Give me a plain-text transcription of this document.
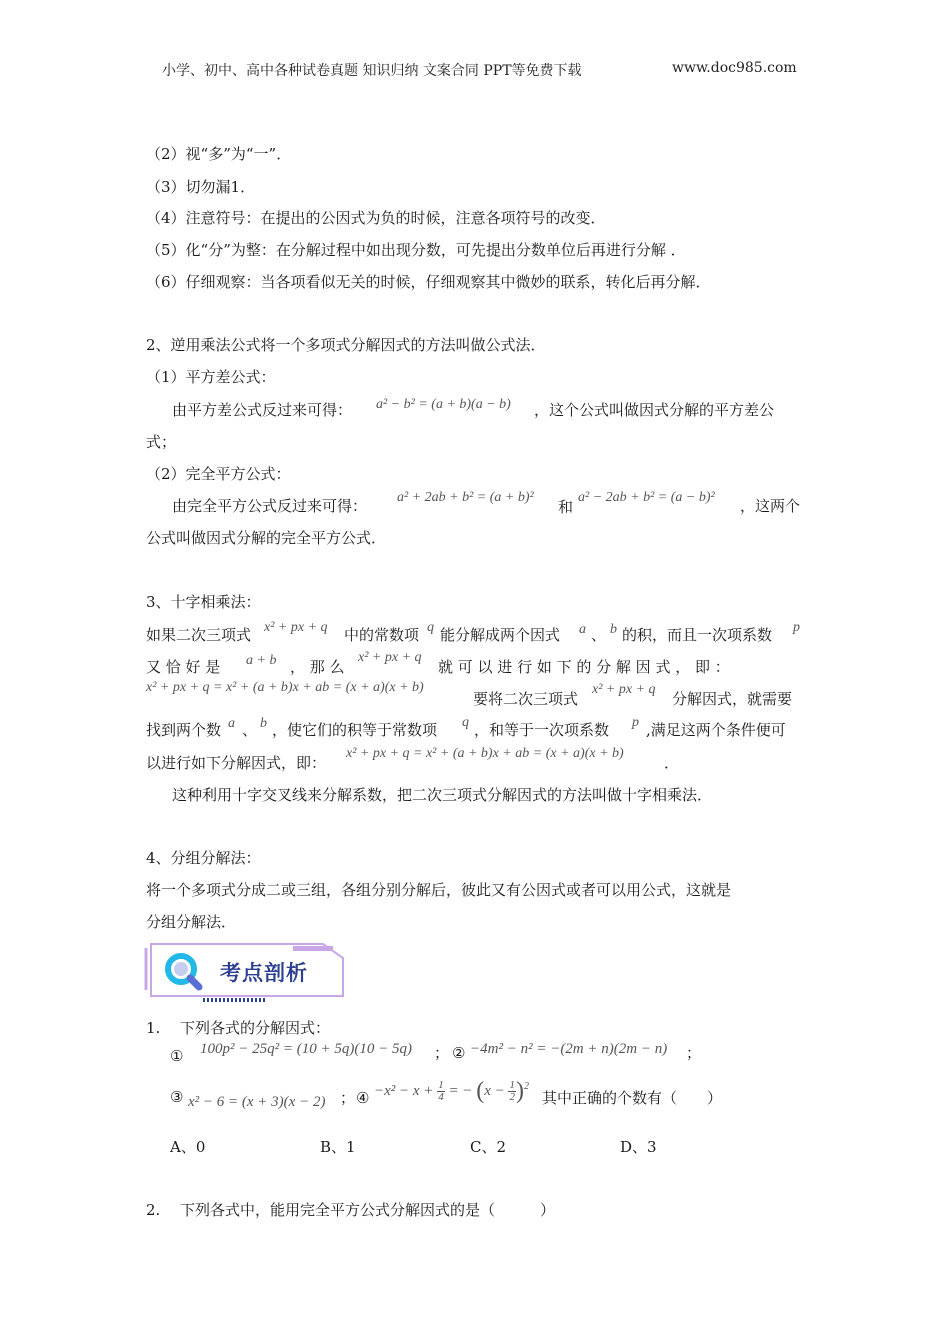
小学、初中、高中各种试卷真题 知识归纳 文案合同 PPT等免费下载	www.doc985.com
（2）视“多”为“一”．
（3）切勿漏1．
（4）注意符号：在提出的公因式为负的时候，注意各项符号的改变．
（5）化“分”为整：在分解过程中如出现分数，可先提出分数单位后再进行分解 ．
（6）仔细观察：当各项看似无关的时候，仔细观察其中微妙的联系，转化后再分解．
2、逆用乘法公式将一个多项式分解因式的方法叫做公式法．
（1）平方差公式：
由平方差公式反过来可得： a² − b² = (a + b)(a − b) ，这个公式叫做因式分解的平方差公
式；
（2）完全平方公式：
由完全平方公式反过来可得： a² + 2ab + b² = (a + b)²
和
a² − 2ab + b² = (a − b)² ，这两个
公式叫做因式分解的完全平方公式．
3、十字相乘法：
如果二次三项式 x² + px + q 中的常数项 q 能分解成两个因式 a 、 b 的积，而且一次项系数 p
又 恰 好 是 a + b ， 那 么
x² + px + q
就 可 以 进 行 如 下 的 分 解 因 式 ， 即 ：
x² + px + q = x² + (a + b)x + ab = (x + a)(x + b)
要将二次三项式
x² + px + q
分解因式，就需要
找到两个数 a 、 b ，使它们的积等于常数项 q ，和等于一次项系数 p ,满足这两个条件便可
以进行如下分解因式，即：
x² + px + q = x² + (a + b)x + ab = (x + a)(x + b)
．
这种利用十字交叉线来分解系数，把二次三项式分解因式的方法叫做十字相乘法．
4、分组分解法：
将一个多项式分成二或三组，各组分别分解后，彼此又有公因式或者可以用公式，这就是
分组分解法．
考点剖析
1. 下列各式的分解因式：
① 100p² − 25q² = (10 + 5q)(10 − 5q) ； ② −4m² − n² = −(2m + n)(2m − n) ；
③ x² − 6 = (x + 3)(x − 2) ； ④ $-x^2 - x + \frac{1}{4}$ = − $(x - \frac{1}{2} )^2$
其中正确的个数有（　　）
A、0	B、1	C、2	D、3
2. 下列各式中，能用完全平方公式分解因式的是（　　　）
